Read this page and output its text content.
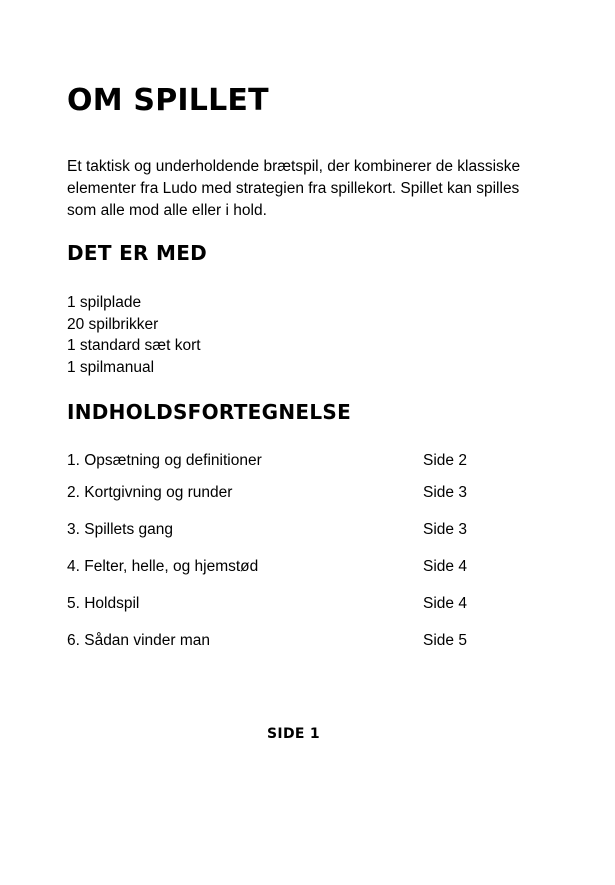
OM SPILLET

Et taktisk og underholdende brætspil, der kombinerer de klassiske
elementer fra Ludo med strategien fra spillekort. Spillet kan spilles
som alle mod alle eller i hold.

DET ER MED
1 spilplade
20 spilbrikker
1 standard sæt kort
1 spilmanual
INDHOLDSFORTEGNELSE
1. Opsætning og definitioner	Side 2
2. Kortgivning og runder	Side 3
3. Spillets gang	Side 3
4. Felter, helle, og hjemstød	Side 4
5. Holdspil	Side 4
6. Sådan vinder man	Side 5

SIDE 1
